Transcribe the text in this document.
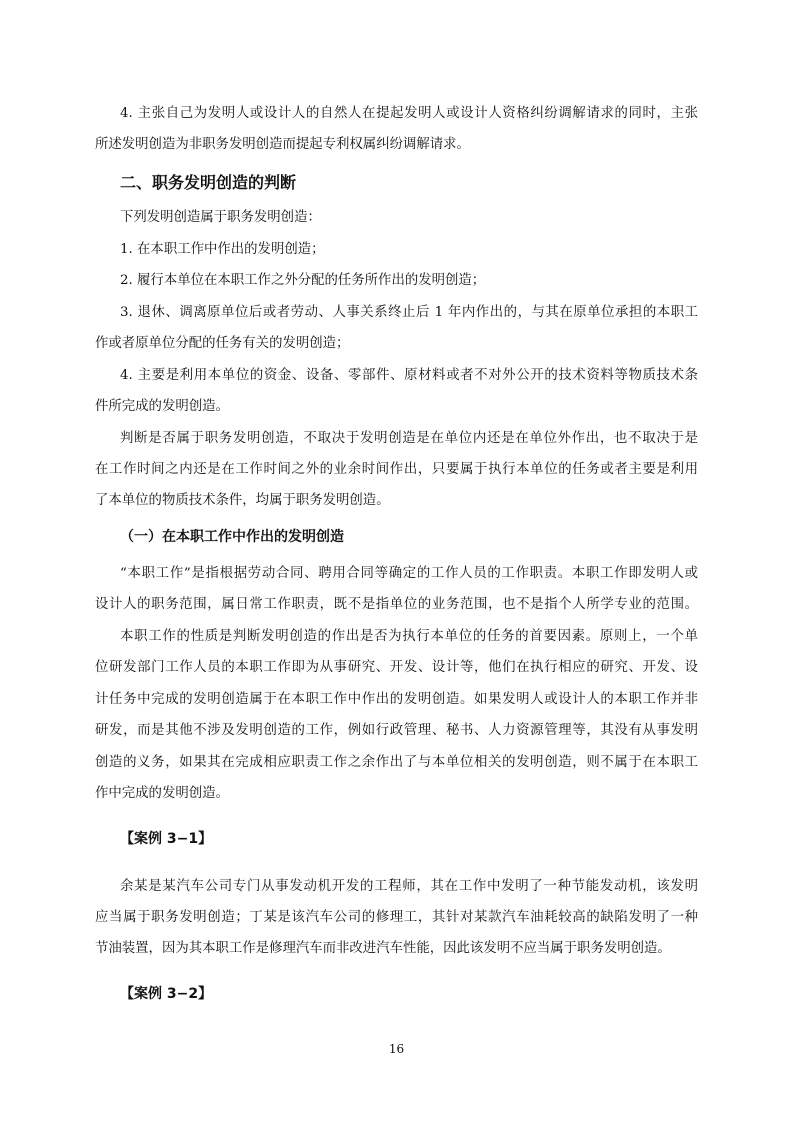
4. 主张自己为发明人或设计人的自然人在提起发明人或设计人资格纠纷调解请求的同时，主张
所述发明创造为非职务发明创造而提起专利权属纠纷调解请求。
二、职务发明创造的判断
下列发明创造属于职务发明创造：
1. 在本职工作中作出的发明创造；
2. 履行本单位在本职工作之外分配的任务所作出的发明创造；
3. 退休、调离原单位后或者劳动、人事关系终止后 1 年内作出的，与其在原单位承担的本职工
作或者原单位分配的任务有关的发明创造；
4. 主要是利用本单位的资金、设备、零部件、原材料或者不对外公开的技术资料等物质技术条
件所完成的发明创造。
判断是否属于职务发明创造，不取决于发明创造是在单位内还是在单位外作出，也不取决于是
在工作时间之内还是在工作时间之外的业余时间作出，只要属于执行本单位的任务或者主要是利用
了本单位的物质技术条件，均属于职务发明创造。
（一）在本职工作中作出的发明创造
“本职工作”是指根据劳动合同、聘用合同等确定的工作人员的工作职责。本职工作即发明人或
设计人的职务范围，属日常工作职责，既不是指单位的业务范围，也不是指个人所学专业的范围。
本职工作的性质是判断发明创造的作出是否为执行本单位的任务的首要因素。原则上，一个单
位研发部门工作人员的本职工作即为从事研究、开发、设计等，他们在执行相应的研究、开发、设
计任务中完成的发明创造属于在本职工作中作出的发明创造。如果发明人或设计人的本职工作并非
研发，而是其他不涉及发明创造的工作，例如行政管理、秘书、人力资源管理等，其没有从事发明
创造的义务，如果其在完成相应职责工作之余作出了与本单位相关的发明创造，则不属于在本职工
作中完成的发明创造。
【案例 3−1】
余某是某汽车公司专门从事发动机开发的工程师，其在工作中发明了一种节能发动机，该发明
应当属于职务发明创造；丁某是该汽车公司的修理工，其针对某款汽车油耗较高的缺陷发明了一种
节油装置，因为其本职工作是修理汽车而非改进汽车性能，因此该发明不应当属于职务发明创造。
【案例 3−2】
16
